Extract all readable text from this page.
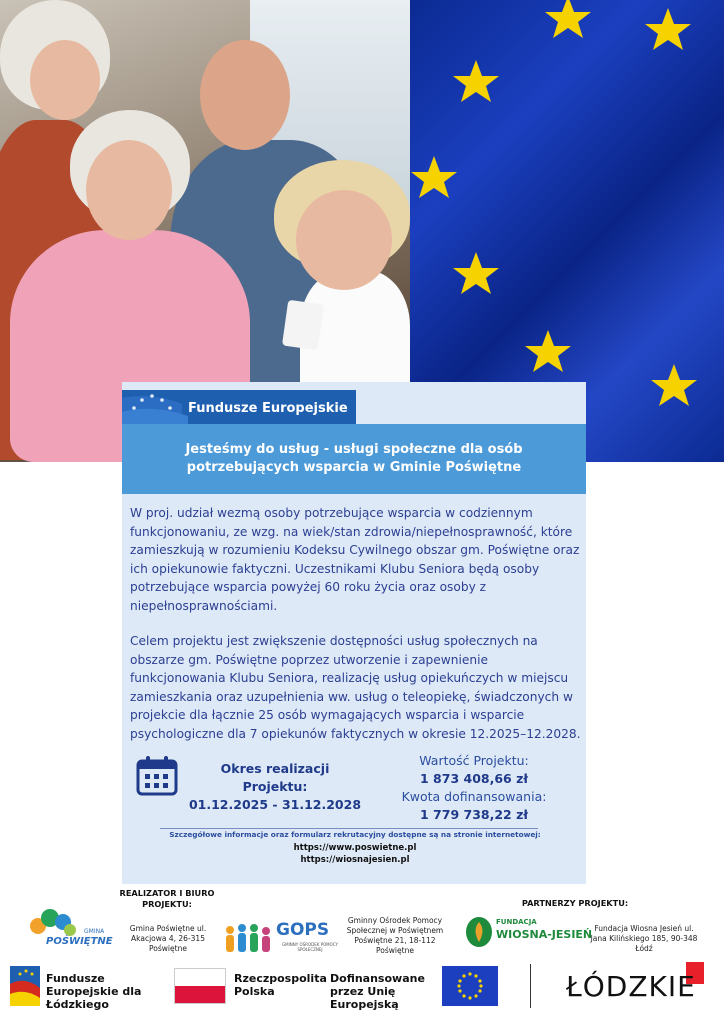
Fundusze Europejskie
Jesteśmy do usług - usługi społeczne dla osób potrzebujących wsparcia w Gminie Poświętne
W proj. udział wezmą osoby potrzebujące wsparcia w codziennym funkcjonowaniu, ze wzg. na wiek/stan zdrowia/niepełnosprawność, które zamieszkują w rozumieniu Kodeksu Cywilnego obszar gm. Poświętne oraz ich opiekunowie faktyczni. Uczestnikami Klubu Seniora będą osoby potrzebujące wsparcia powyżej 60 roku życia oraz osoby z niepełnosprawnościami.
Celem projektu jest zwiększenie dostępności usług społecznych na obszarze gm. Poświętne poprzez utworzenie i zapewnienie funkcjonowania Klubu Seniora, realizację usług opiekuńczych w miejscu zamieszkania oraz uzupełnienia ww. usług o teleopiekę, świadczonych w projekcie dla łącznie 25 osób wymagających wsparcia i wsparcie psychologiczne dla 7 opiekunów faktycznych w okresie 12.2025–12.2028.
Okres realizacji Projektu:
01.12.2025 - 31.12.2028
Wartość Projektu:
1 873 408,66 zł
Kwota dofinansowania:
1 779 738,22 zł
Szczegółowe informacje oraz formularz rekrutacyjny dostępne są na stronie internetowej:
https://www.poswietne.pl
https://wiosnajesien.pl
REALIZATOR I BIURO PROJEKTU:	PARTNERZY PROJEKTU:
GMINA
POŚWIĘTNE
Gmina Poświętne ul. Akacjowa 4, 26-315 Poświętne
GOPS
GMINNY OŚRODEK POMOCY SPOŁECZNEJ
Gminny Ośrodek Pomocy Społecznej w Poświętnem Poświętne 21, 18-112 Poświętne
FUNDACJA
WIOSNA-JESIEŃ Fundacja Wiosna Jesień ul. Jana Kilińskiego 185, 90-348 Łódź
Fundusze Europejskie dla Łódzkiego
Rzeczpospolita Polska
Dofinansowane przez Unię Europejską
ŁÓDZKIE
